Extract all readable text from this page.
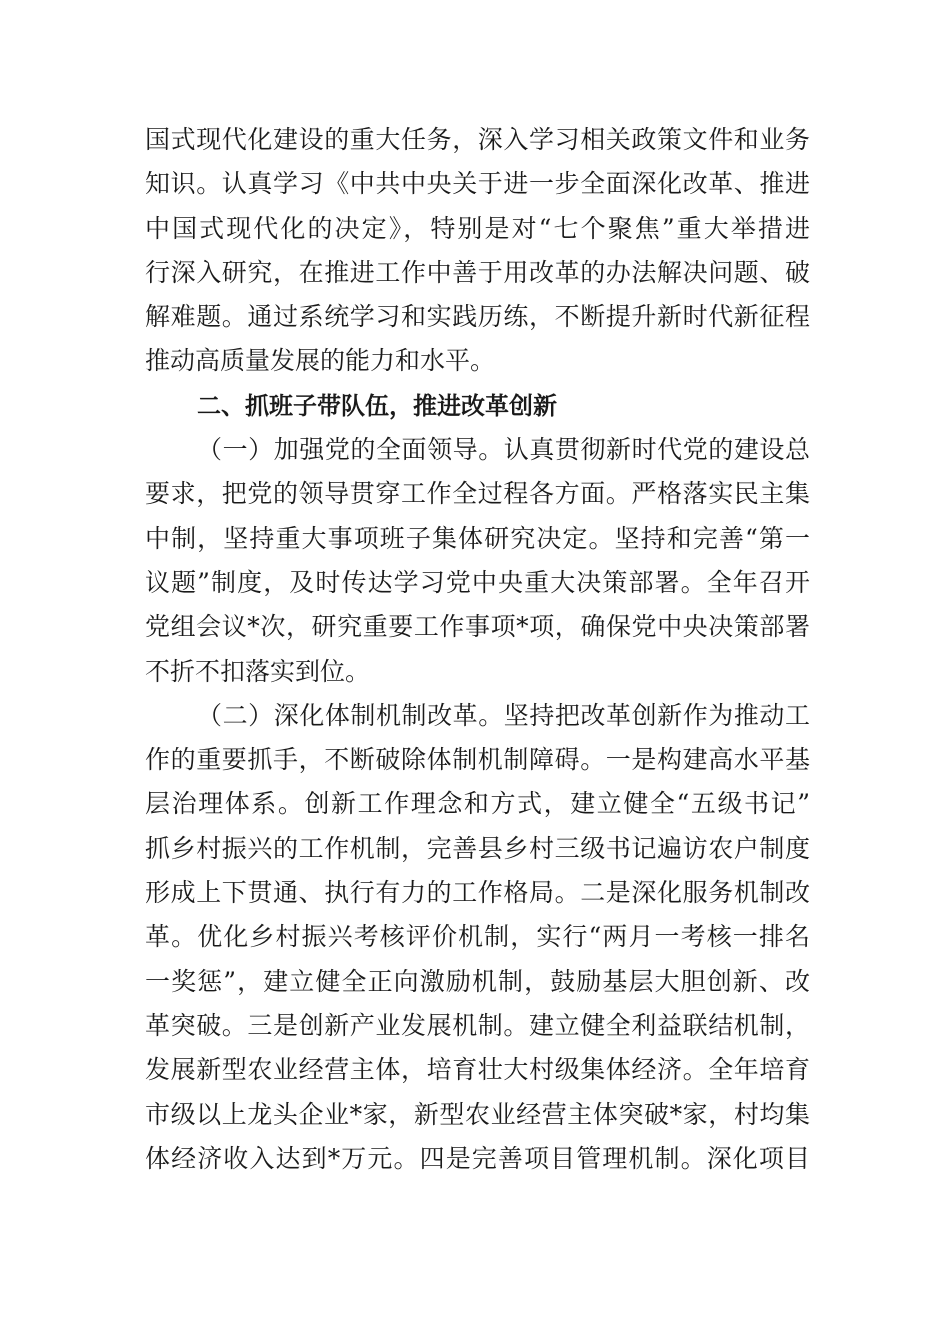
国式现代化建设的重大任务，深入学习相关政策文件和业务
知识。认真学习《中共中央关于进一步全面深化改革、推进
中国式现代化的决定》，特别是对“七个聚焦”重大举措进
行深入研究，在推进工作中善于用改革的办法解决问题、破
解难题。通过系统学习和实践历练，不断提升新时代新征程
推动高质量发展的能力和水平。
二、抓班子带队伍，推进改革创新
（一）加强党的全面领导。认真贯彻新时代党的建设总
要求，把党的领导贯穿工作全过程各方面。严格落实民主集
中制，坚持重大事项班子集体研究决定。坚持和完善“第一
议题”制度，及时传达学习党中央重大决策部署。全年召开
党组会议*次，研究重要工作事项*项，确保党中央决策部署
不折不扣落实到位。
（二）深化体制机制改革。坚持把改革创新作为推动工
作的重要抓手，不断破除体制机制障碍。一是构建高水平基
层治理体系。创新工作理念和方式，建立健全“五级书记”
抓乡村振兴的工作机制，完善县乡村三级书记遍访农户制度
形成上下贯通、执行有力的工作格局。二是深化服务机制改
革。优化乡村振兴考核评价机制，实行“两月一考核一排名
一奖惩”，建立健全正向激励机制，鼓励基层大胆创新、改
革突破。三是创新产业发展机制。建立健全利益联结机制，
发展新型农业经营主体，培育壮大村级集体经济。全年培育
市级以上龙头企业*家，新型农业经营主体突破*家，村均集
体经济收入达到*万元。四是完善项目管理机制。深化项目
